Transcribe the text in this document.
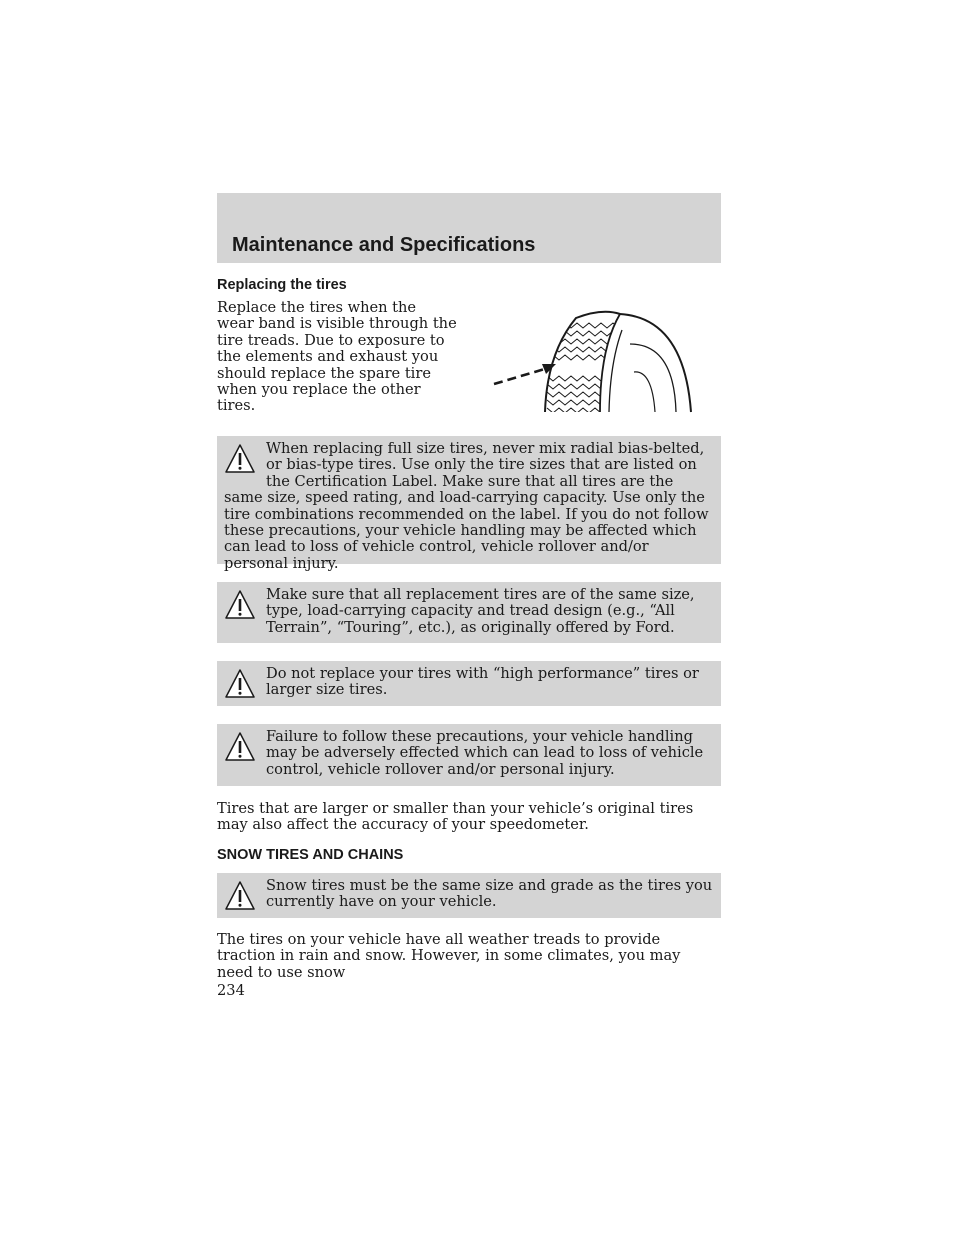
Maintenance and Specifications
Replacing the tires
Replace the tires when the wear band is visible through the tire treads. Due to exposure to the elements and exhaust you should replace the spare tire when you replace the other tires.
When replacing full size tires, never mix radial bias-belted, or bias-type tires. Use only the tire sizes that are listed on the Certification Label. Make sure that all tires are the same size, speed rating, and load-carrying capacity. Use only the tire combinations recommended on the label. If you do not follow these precautions, your vehicle handling may be affected which can lead to loss of vehicle control, vehicle rollover and/or personal injury.
Make sure that all replacement tires are of the same size, type, load-carrying capacity and tread design (e.g., “All Terrain”, “Touring”, etc.), as originally offered by Ford.
Do not replace your tires with “high performance” tires or larger size tires.
Failure to follow these precautions, your vehicle handling may be adversely effected which can lead to loss of vehicle control, vehicle rollover and/or personal injury.
Tires that are larger or smaller than your vehicle’s original tires may also affect the accuracy of your speedometer.
SNOW TIRES AND CHAINS
Snow tires must be the same size and grade as the tires you currently have on your vehicle.
The tires on your vehicle have all weather treads to provide traction in rain and snow. However, in some climates, you may need to use snow
234
